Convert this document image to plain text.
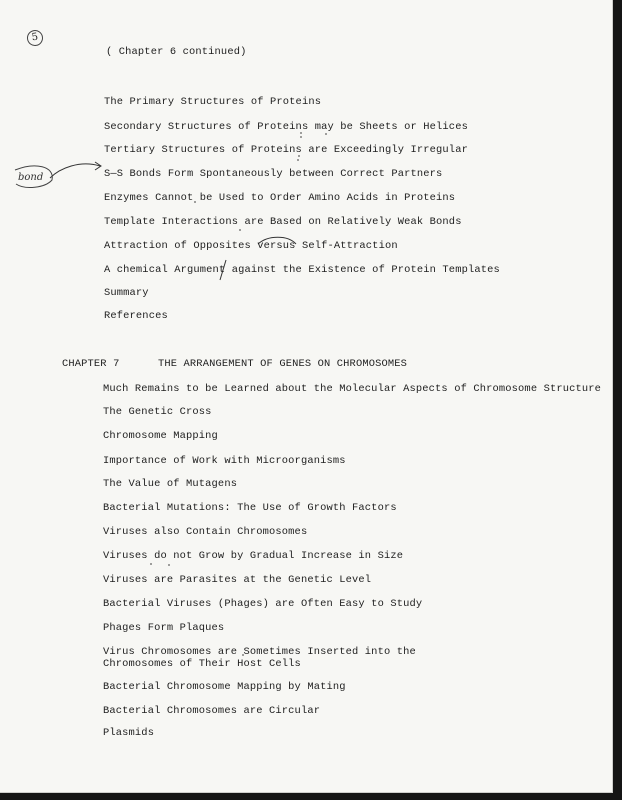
5
bond
( Chapter 6 continued)
The Primary Structures of Proteins
Secondary Structures of Proteins may be Sheets or Helices
Tertiary Structures of Proteins are Exceedingly Irregular
S—S Bonds Form Spontaneously between Correct Partners
Enzymes Cannot be Used to Order Amino Acids in Proteins
Template Interactions are Based on Relatively Weak Bonds
Attraction of Opposites versus Self-Attraction
A chemical Argument against the Existence of Protein Templates
Summary
References
CHAPTER 7	THE ARRANGEMENT OF GENES ON CHROMOSOMES
Much Remains to be Learned about the Molecular Aspects of Chromosome Structure
The Genetic Cross
Chromosome Mapping
Importance of Work with Microorganisms
The Value of Mutagens
Bacterial Mutations: The Use of Growth Factors
Viruses also Contain Chromosomes
Viruses do not Grow by Gradual Increase in Size
Viruses are Parasites at the Genetic Level
Bacterial Viruses (Phages) are Often Easy to Study
Phages Form Plaques
Virus Chromosomes are Sometimes Inserted into the
Chromosomes of Their Host Cells
Bacterial Chromosome Mapping by Mating
Bacterial Chromosomes are Circular
Plasmids
